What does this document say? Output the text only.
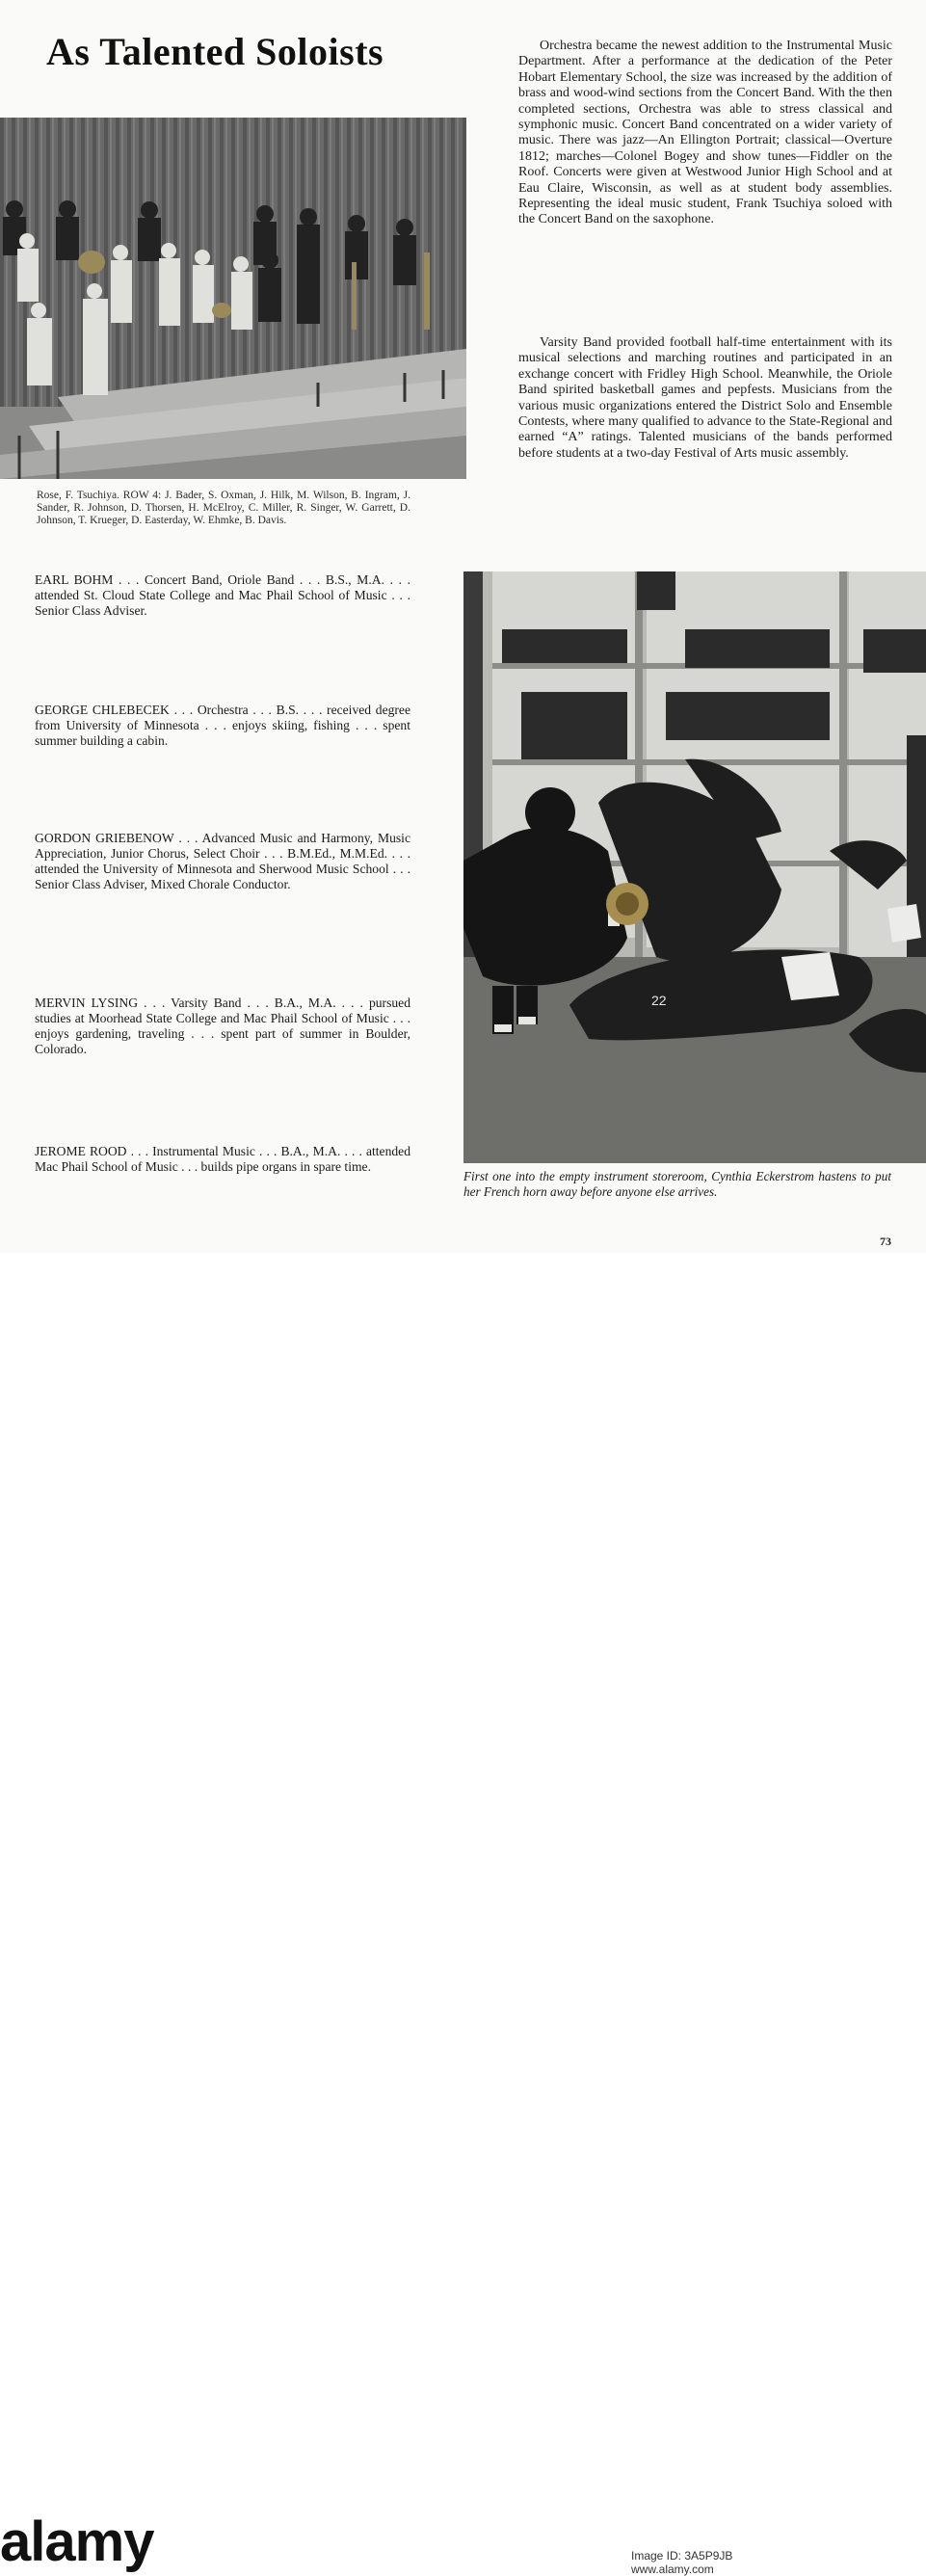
As Talented Soloists	Orchestra became the newest addition to the Instrumental Music Department. After a performance at the dedication of the Peter Hobart Elementary School, the size was increased by the addition of brass and wood-wind sections from the Concert Band. With the then completed sections, Orchestra was able to stress classical and symphonic music. Concert Band concentrated on a wider variety of music. There was jazz—An Ellington Portrait; classical—Overture 1812; marches—Colonel Bogey and show tunes—Fiddler on the Roof. Concerts were given at Westwood Junior High School and at Eau Claire, Wisconsin, as well as at student body assemblies. Representing the ideal music student, Frank Tsuchiya soloed with the Concert Band on the saxophone.

Varsity Band provided football half-time entertainment with its musical selections and marching routines and participated in an exchange concert with Fridley High School. Meanwhile, the Oriole Band spirited basketball games and pepfests. Musicians from the various music organizations entered the District Solo and Ensemble Contests, where many qualified to advance to the State-Regional and earned “A” ratings. Talented musicians of the bands performed before students at a two-day Festival of Arts music assembly.

Rose, F. Tsuchiya. ROW 4: J. Bader, S. Oxman, J. Hilk, M. Wilson, B. Ingram, J. Sander, R. Johnson, D. Thorsen, H. McElroy, C. Miller, R. Singer, W. Garrett, D. Johnson, T. Krueger, D. Easterday, W. Ehmke, B. Davis.
EARL BOHM . . . Concert Band, Oriole Band . . . B.S., M.A. . . . attended St. Cloud State College and Mac Phail School of Music . . . Senior Class Adviser.
GEORGE CHLEBECEK . . . Orchestra . . . B.S. . . . received degree from University of Minnesota . . . enjoys skiing, fishing . . . spent summer building a cabin.
GORDON GRIEBENOW . . . Advanced Music and Harmony, Music Appreciation, Junior Chorus, Select Choir . . . B.M.Ed., M.M.Ed. . . . attended the University of Minnesota and Sherwood Music School . . . Senior Class Adviser, Mixed Chorale Conductor.
MERVIN LYSING . . . Varsity Band . . . B.A., M.A. . . . pursued studies at Moorhead State College and Mac Phail School of Music . . . enjoys gardening, traveling . . . spent part of summer in Boulder, Colorado.
JEROME ROOD . . . Instrumental Music . . . B.A., M.A. . . . attended Mac Phail School of Music . . . builds pipe organs in spare time.
22
First one into the empty instrument storeroom, Cynthia Eckerstrom hastens to put her French horn away before anyone else arrives.
73
alamy	Image ID: 3A5P9JB
www.alamy.com
